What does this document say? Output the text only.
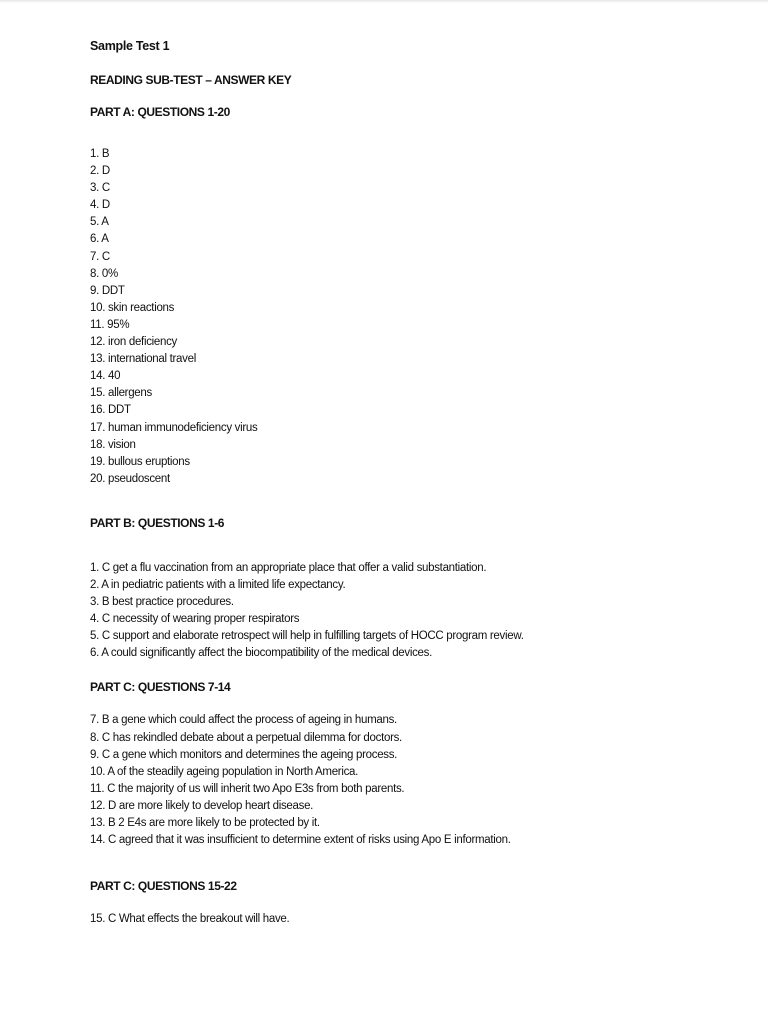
Sample Test 1
READING SUB-TEST – ANSWER KEY
PART A: QUESTIONS 1-20
1. B
2. D
3. C
4. D
5. A
6. A
7. C
8. 0%
9. DDT
10. skin reactions
11. 95%
12. iron deficiency
13. international travel
14. 40
15. allergens
16. DDT
17. human immunodeficiency virus
18. vision
19. bullous eruptions
20. pseudoscent
PART B: QUESTIONS 1-6
1. C get a flu vaccination from an appropriate place that offer a valid substantiation.
2. A in pediatric patients with a limited life expectancy.
3. B best practice procedures.
4. C necessity of wearing proper respirators
5. C support and elaborate retrospect will help in fulfilling targets of HOCC program review.
6. A could significantly affect the biocompatibility of the medical devices.
PART C: QUESTIONS 7-14
7. B a gene which could affect the process of ageing in humans.
8. C has rekindled debate about a perpetual dilemma for doctors.
9. C a gene which monitors and determines the ageing process.
10. A of the steadily ageing population in North America.
11. C the majority of us will inherit two Apo E3s from both parents.
12. D are more likely to develop heart disease.
13. B 2 E4s are more likely to be protected by it.
14. C agreed that it was insufficient to determine extent of risks using Apo E information.
PART C: QUESTIONS 15-22
15. C What effects the breakout will have.
